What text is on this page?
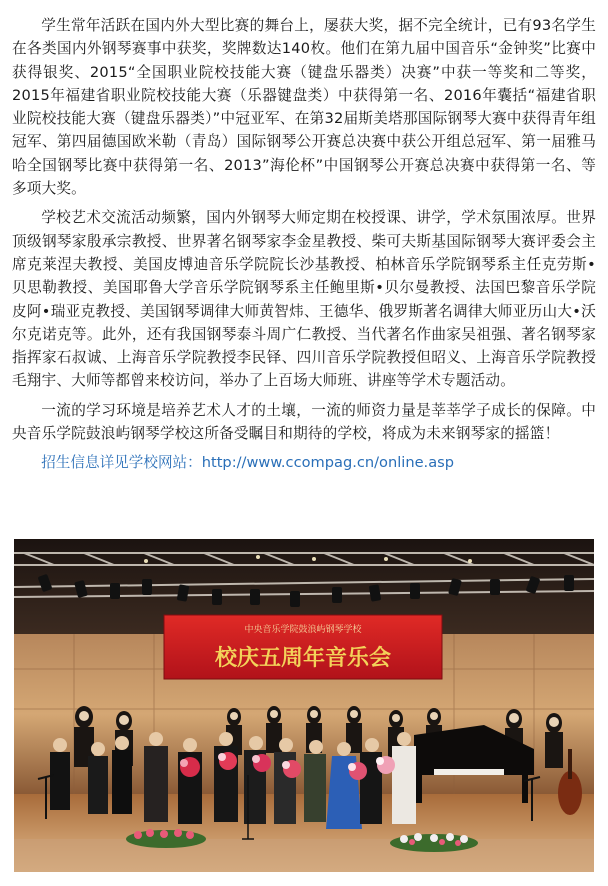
学生常年活跃在国内外大型比赛的舞台上，屡获大奖，据不完全统计，已有93名学生在各类国内外钢琴赛事中获奖，奖牌数达140枚。他们在第九届中国音乐“金钟奖”比赛中获得银奖、2015“全国职业院校技能大赛（键盘乐器类）决赛”中获一等奖和二等奖，2015年福建省职业院校技能大赛（乐器键盘类）中获得第一名、2016年囊括“福建省职业院校技能大赛（键盘乐器类）”中冠亚军、在第32届斯美塔那国际钢琴大赛中获得青年组冠军、第四届德国欧米勒（青岛）国际钢琴公开赛总决赛中获公开组总冠军、第一届雅马哈全国钢琴比赛中获得第一名、2013”海伦杯”中国钢琴公开赛总决赛中获得第一名、等多项大奖。

学校艺术交流活动频繁，国内外钢琴大师定期在校授课、讲学，学术氛围浓厚。世界顶级钢琴家殷承宗教授、世界著名钢琴家李金星教授、柴可夫斯基国际钢琴大赛评委会主席克莱涅夫教授、美国皮博迪音乐学院院长沙基教授、柏林音乐学院钢琴系主任克劳斯•贝思勒教授、美国耶鲁大学音乐学院钢琴系主任鲍里斯•贝尔曼教授、法国巴黎音乐学院皮阿•瑞亚克教授、美国钢琴调律大师黄智炜、王德华、俄罗斯著名调律大师亚历山大•沃尔克诺克等。此外，还有我国钢琴泰斗周广仁教授、当代著名作曲家吴祖强、著名钢琴家指挥家石叔诚、上海音乐学院教授李民铎、四川音乐学院教授但昭义、上海音乐学院教授毛翔宇、大师等都曾来校访问，举办了上百场大师班、讲座等学术专题活动。

一流的学习环境是培养艺术人才的土壤，一流的师资力量是莘莘学子成长的保障。中央音乐学院鼓浪屿钢琴学校这所备受瞩目和期待的学校，将成为未来钢琴家的摇篮！

招生信息详见学校网站：http://www.ccompag.cn/online.asp

中央音乐学院鼓浪屿钢琴学校
校庆五周年音乐会
